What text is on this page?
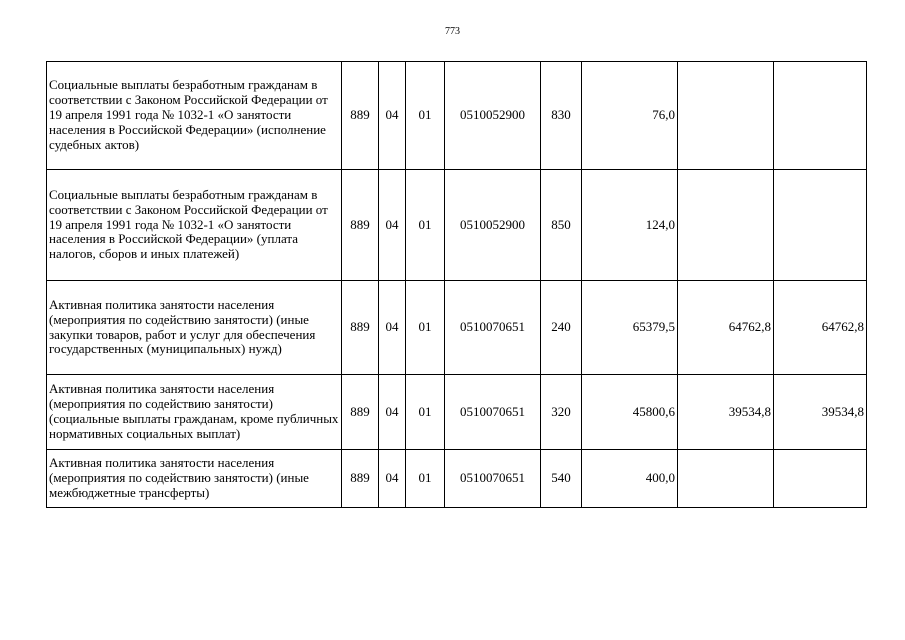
773
Социальные выплаты безработным гражданам в соответствии с Законом Российской Федерации от 19 апреля 1991 года № 1032-1 «О занятости населения в Российской Федерации» (исполнение судебных актов)	889	04	01	0510052900	830	76,0		
Социальные выплаты безработным гражданам в соответствии с Законом Российской Федерации от 19 апреля 1991 года № 1032-1 «О занятости населения в Российской Федерации» (уплата налогов, сборов и иных платежей)	889	04	01	0510052900	850	124,0		
Активная политика занятости населения (мероприятия по содействию занятости) (иные закупки товаров, работ и услуг для обеспечения государственных (муниципальных) нужд)	889	04	01	0510070651	240	65379,5	64762,8	64762,8
Активная политика занятости населения (мероприятия по содействию занятости) (социальные выплаты гражданам, кроме публичных нормативных социальных выплат)	889	04	01	0510070651	320	45800,6	39534,8	39534,8
Активная политика занятости населения (мероприятия по содействию занятости) (иные межбюджетные трансферты)	889	04	01	0510070651	540	400,0		
